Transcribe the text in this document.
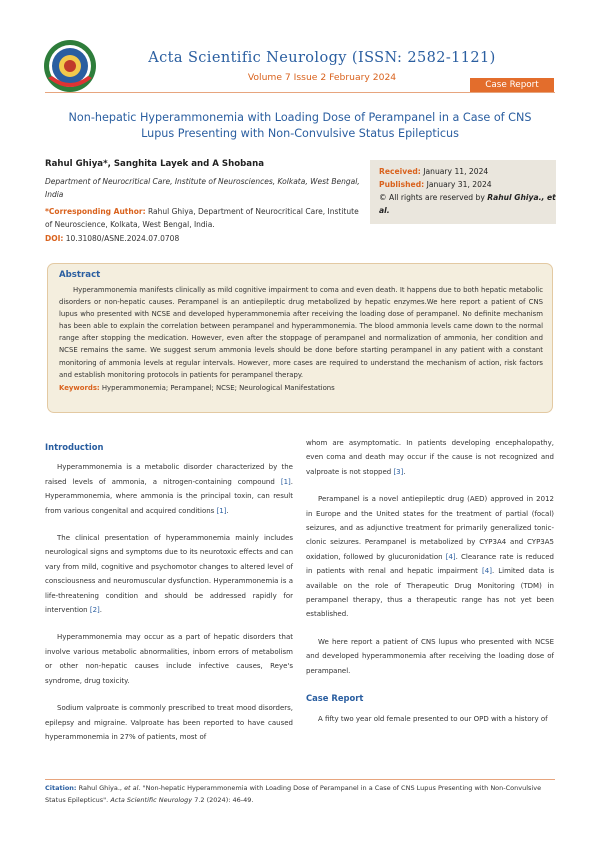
Acta Scientific Neurology (ISSN: 2582-1121)
Volume 7 Issue 2 February 2024
Case Report
Non-hepatic Hyperammonemia with Loading Dose of Perampanel in a Case of CNS Lupus Presenting with Non-Convulsive Status Epilepticus
Rahul Ghiya*, Sanghita Layek and A Shobana
Department of Neurocritical Care, Institute of Neurosciences, Kolkata, West Bengal, India
*Corresponding Author: Rahul Ghiya, Department of Neurocritical Care, Institute of Neuroscience, Kolkata, West Bengal, India.
DOI: 10.31080/ASNE.2024.07.0708
Received: January 11, 2024
Published: January 31, 2024
© All rights are reserved by Rahul Ghiya., et al.
Abstract
Hyperammonemia manifests clinically as mild cognitive impairment to coma and even death. It happens due to both hepatic metabolic disorders or non-hepatic causes. Perampanel is an antiepileptic drug metabolized by hepatic enzymes.We here report a patient of CNS lupus who presented with NCSE and developed hyperammonemia after receiving the loading dose of perampanel. No definite mechanism has been able to explain the correlation between perampanel and hyperammonemia. The blood ammonia levels came down to the normal range after stopping the medication. However, even after the stoppage of perampanel and normalization of ammonia, her condition and NCSE remains the same. We suggest serum ammonia levels should be done before starting perampanel in any patient with a constant monitoring of ammonia levels at regular intervals. However, more cases are required to understand the mechanism of action, risk factors and establish monitoring protocols in patients for perampanel therapy.
Keywords: Hyperammonemia; Perampanel; NCSE; Neurological Manifestations
Introduction

Hyperammonemia is a metabolic disorder characterized by the raised levels of ammonia, a nitrogen-containing compound [1]. Hyperammonemia, where ammonia is the principal toxin, can result from various congenital and acquired conditions [1].

The clinical presentation of hyperammonemia mainly includes neurological signs and symptoms due to its neurotoxic effects and can vary from mild, cognitive and psychomotor changes to altered level of consciousness and neuromuscular dysfunction. Hyperammonemia is a life-threatening condition and should be addressed rapidly for intervention [2].

Hyperammonemia may occur as a part of hepatic disorders that involve various metabolic abnormalities, inborn errors of metabolism or other non-hepatic causes include infective causes, Reye's syndrome, drug toxicity.

Sodium valproate is commonly prescribed to treat mood disorders, epilepsy and migraine. Valproate has been reported to have caused hyperammonemia in 27% of patients, most of

whom are asymptomatic. In patients developing encephalopathy, even coma and death may occur if the cause is not recognized and valproate is not stopped [3].

Perampanel is a novel antiepileptic drug (AED) approved in 2012 in Europe and the United states for the treatment of partial (focal) seizures, and as adjunctive treatment for primarily generalized tonic-clonic seizures. Perampanel is metabolized by CYP3A4 and CYP3A5 oxidation, followed by glucuronidation [4]. Clearance rate is reduced in patients with renal and hepatic impairment [4]. Limited data is available on the role of Therapeutic Drug Monitoring (TDM) in perampanel therapy, thus a therapeutic range has not yet been established.

We here report a patient of CNS lupus who presented with NCSE and developed hyperammonemia after receiving the loading dose of perampanel.

Case Report

A fifty two year old female presented to our OPD with a history of

Citation: Rahul Ghiya., et al. "Non-hepatic Hyperammonemia with Loading Dose of Perampanel in a Case of CNS Lupus Presenting with Non-Convulsive Status Epilepticus". Acta Scientific Neurology 7.2 (2024): 46-49.
